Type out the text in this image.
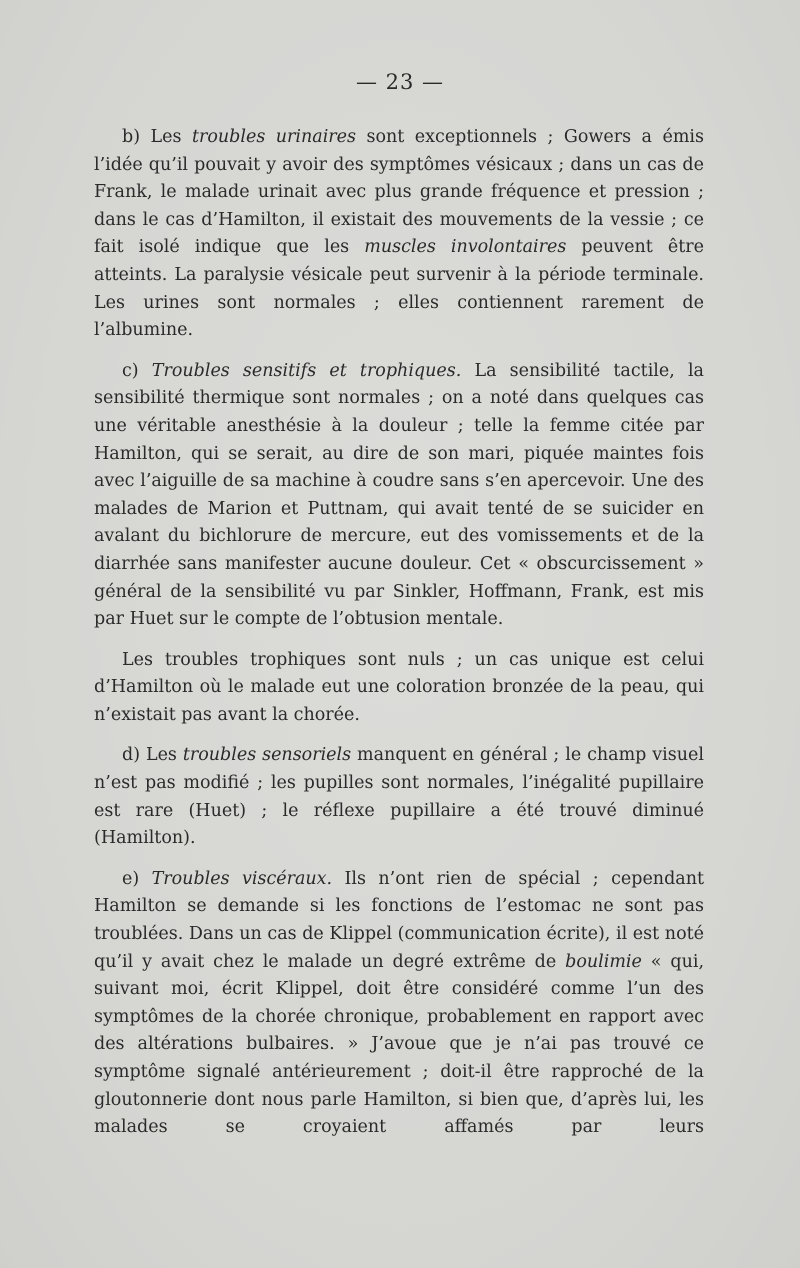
— 23 —

b) Les troubles urinaires sont exceptionnels ; Gowers a émis l’idée qu’il pouvait y avoir des symptômes vésicaux ; dans un cas de Frank, le malade urinait avec plus grande fréquence et pression ; dans le cas d’Hamilton, il existait des mouvements de la vessie ; ce fait isolé indique que les muscles involontaires peuvent être atteints. La paralysie vésicale peut survenir à la période terminale. Les urines sont normales ; elles contiennent rarement de l’albumine.

c) Troubles sensitifs et trophiques. La sensibilité tactile, la sensibilité thermique sont normales ; on a noté dans quelques cas une véritable anesthésie à la douleur ; telle la femme citée par Hamilton, qui se serait, au dire de son mari, piquée maintes fois avec l’aiguille de sa machine à coudre sans s’en apercevoir. Une des malades de Marion et Puttnam, qui avait tenté de se suicider en avalant du bichlorure de mercure, eut des vomissements et de la diarrhée sans manifester aucune douleur. Cet « obscurcissement » général de la sensibilité vu par Sinkler, Hoffmann, Frank, est mis par Huet sur le compte de l’obtusion mentale.

Les troubles trophiques sont nuls ; un cas unique est celui d’Hamilton où le malade eut une coloration bronzée de la peau, qui n’existait pas avant la chorée.

d) Les troubles sensoriels manquent en général ; le champ visuel n’est pas modifié ; les pupilles sont normales, l’inégalité pupillaire est rare (Huet) ; le réflexe pupillaire a été trouvé diminué (Hamilton).

e) Troubles viscéraux. Ils n’ont rien de spécial ; cependant Hamilton se demande si les fonctions de l’estomac ne sont pas troublées. Dans un cas de Klippel (communication écrite), il est noté qu’il y avait chez le malade un degré extrême de boulimie « qui, suivant moi, écrit Klippel, doit être considéré comme l’un des symptômes de la chorée chronique, probablement en rapport avec des altérations bulbaires. » J’avoue que je n’ai pas trouvé ce symptôme signalé antérieurement ; doit-il être rapproché de la gloutonnerie dont nous parle Hamilton, si bien que, d’après lui, les malades se croyaient affamés par leurs
